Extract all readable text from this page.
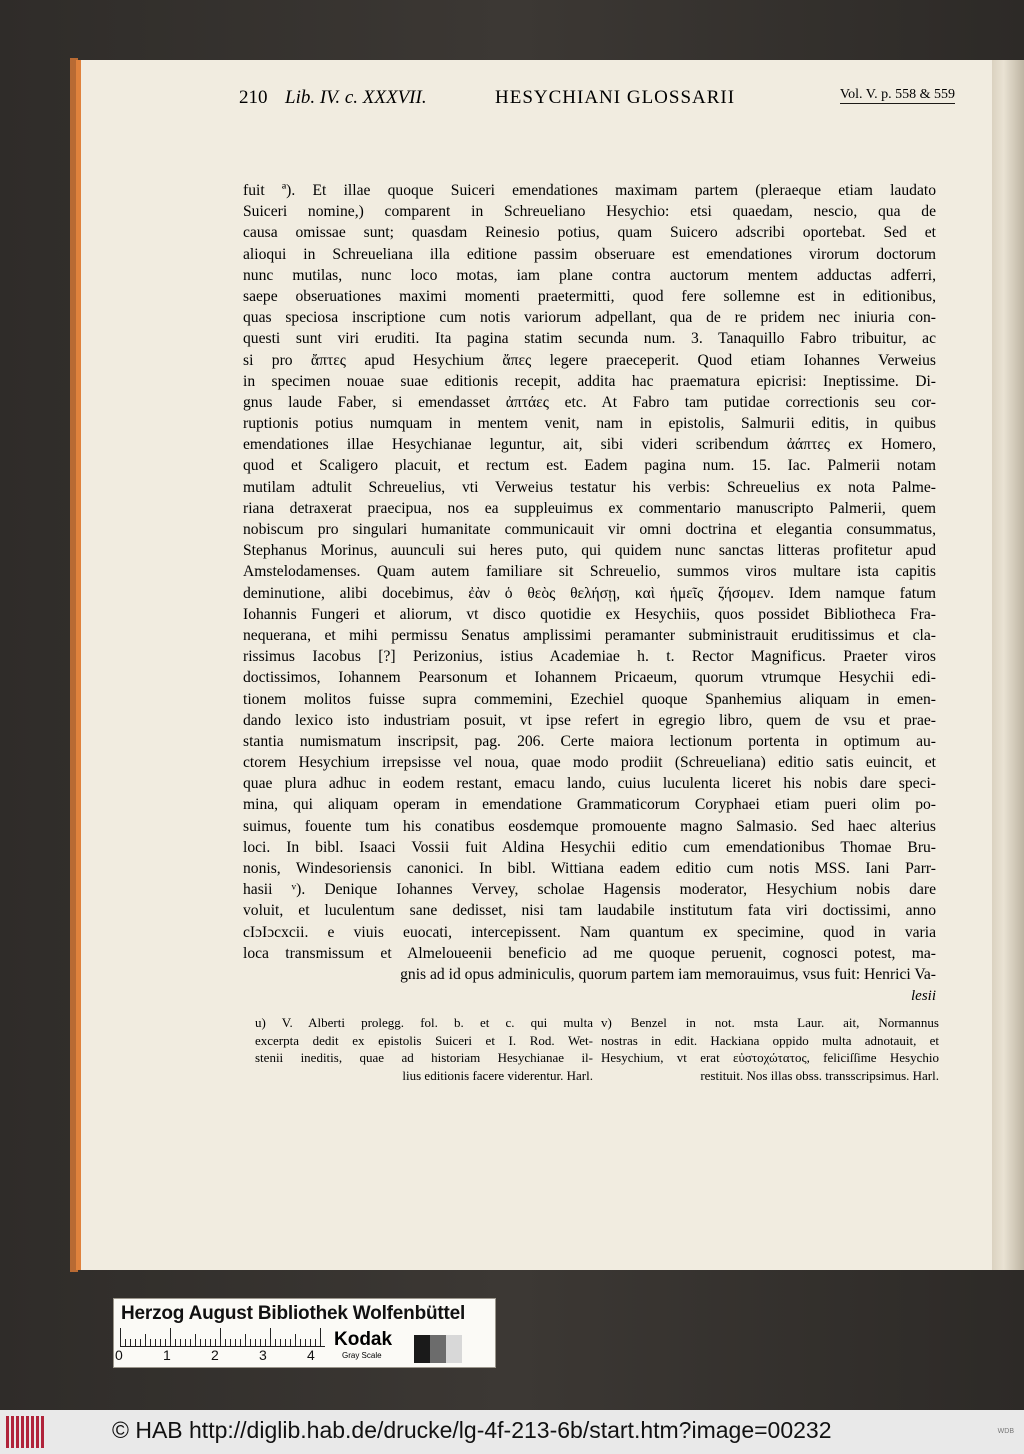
210 Lib. IV. c. XXXVII.	HESYCHIANI GLOSSARII	Vol. V. p. 558 & 559
fuit ª). Et illae quoque Suiceri emendationes maximam partem (pleraeque etiam laudato
Suiceri nomine,) comparent in Schreueliano Hesychio: etsi quaedam, nescio, qua de
causa omissae sunt; quasdam Reinesio potius, quam Suicero adscribi oportebat. Sed et
alioqui in Schreueliana illa editione passim obseruare est emendationes virorum doctorum
nunc mutilas, nunc loco motas, iam plane contra auctorum mentem adductas adferri,
saepe obseruationes maximi momenti praetermitti, quod fere sollemne est in editionibus,
quas speciosa inscriptione cum notis variorum adpellant, qua de re pridem nec iniuria con-
questi sunt viri eruditi. Ita pagina statim secunda num. 3. Tanaquillo Fabro tribuitur, ac
si pro ἄπτες apud Hesychium ἄπες legere praeceperit. Quod etiam Iohannes Verweius
in specimen nouae suae editionis recepit, addita hac praematura epicrisi: Ineptissime. Di-
gnus laude Faber, si emendasset ἀπτάες etc. At Fabro tam putidae correctionis seu cor-
ruptionis potius numquam in mentem venit, nam in epistolis, Salmurii editis, in quibus
emendationes illae Hesychianae leguntur, ait, sibi videri scribendum ἀάπτες ex Homero,
quod et Scaligero placuit, et rectum est. Eadem pagina num. 15. Iac. Palmerii notam
mutilam adtulit Schreuelius, vti Verweius testatur his verbis: Schreuelius ex nota Palme-
riana detraxerat praecipua, nos ea suppleuimus ex commentario manuscripto Palmerii, quem
nobiscum pro singulari humanitate communicauit vir omni doctrina et elegantia consummatus,
Stephanus Morinus, auunculi sui heres puto, qui quidem nunc sanctas litteras profitetur apud
Amstelodamenses. Quam autem familiare sit Schreuelio, summos viros multare ista capitis
deminutione, alibi docebimus, ἐὰν ὁ θεὸς θελήσῃ, καὶ ἡμεῖς ζήσομεν. Idem namque fatum
Iohannis Fungeri et aliorum, vt disco quotidie ex Hesychiis, quos possidet Bibliotheca Fra-
nequerana, et mihi permissu Senatus amplissimi peramanter subministrauit eruditissimus et cla-
rissimus Iacobus [?] Perizonius, istius Academiae h. t. Rector Magnificus. Praeter viros
doctissimos, Iohannem Pearsonum et Iohannem Pricaeum, quorum vtrumque Hesychii edi-
tionem molitos fuisse supra commemini, Ezechiel quoque Spanhemius aliquam in emen-
dando lexico isto industriam posuit, vt ipse refert in egregio libro, quem de vsu et prae-
stantia numismatum inscripsit, pag. 206. Certe maiora lectionum portenta in optimum au-
ctorem Hesychium irrepsisse vel noua, quae modo prodiit (Schreueliana) editio satis euincit, et
quae plura adhuc in eodem restant, emacu lando, cuius luculenta liceret his nobis dare speci-
mina, qui aliquam operam in emendatione Grammaticorum Coryphaei etiam pueri olim po-
suimus, fouente tum his conatibus eosdemque promouente magno Salmasio. Sed haec alterius
loci. In bibl. Isaaci Vossii fuit Aldina Hesychii editio cum emendationibus Thomae Bru-
nonis, Windesoriensis canonici. In bibl. Wittiana eadem editio cum notis MSS. Iani Parr-
hasii ᵛ). Denique Iohannes Vervey, scholae Hagensis moderator, Hesychium nobis dare
voluit, et luculentum sane dedisset, nisi tam laudabile institutum fata viri doctissimi, anno
cIɔIɔcxcii. e viuis euocati, intercepissent. Nam quantum ex specimine, quod in varia
loca transmissum et Almeloueenii beneficio ad me quoque peruenit, cognosci potest, ma-
gnis ad id opus adminiculis, quorum partem iam memorauimus, vsus fuit: Henrici Va-
lesii
u) V. Alberti prolegg. fol. b. et c. qui multa
excerpta dedit ex epistolis Suiceri et I. Rod. Wet-
stenii ineditis, quae ad historiam Hesychianae il-
lius editionis facere viderentur. Harl.
v) Benzel in not. msta Laur. ait, Normannus
nostras in edit. Hackiana oppido multa adnotauit, et
Hesychium, vt erat εὐστοχώτατος, feliciſſime Hesychio
restituit. Nos illas obss. transscripsimus. Harl.
Herzog August Bibliothek Wolfenbüttel
0	1	2	3	4
Kodak
Gray Scale
© HAB http://diglib.hab.de/drucke/lg-4f-213-6b/start.htm?image=00232	WDB
